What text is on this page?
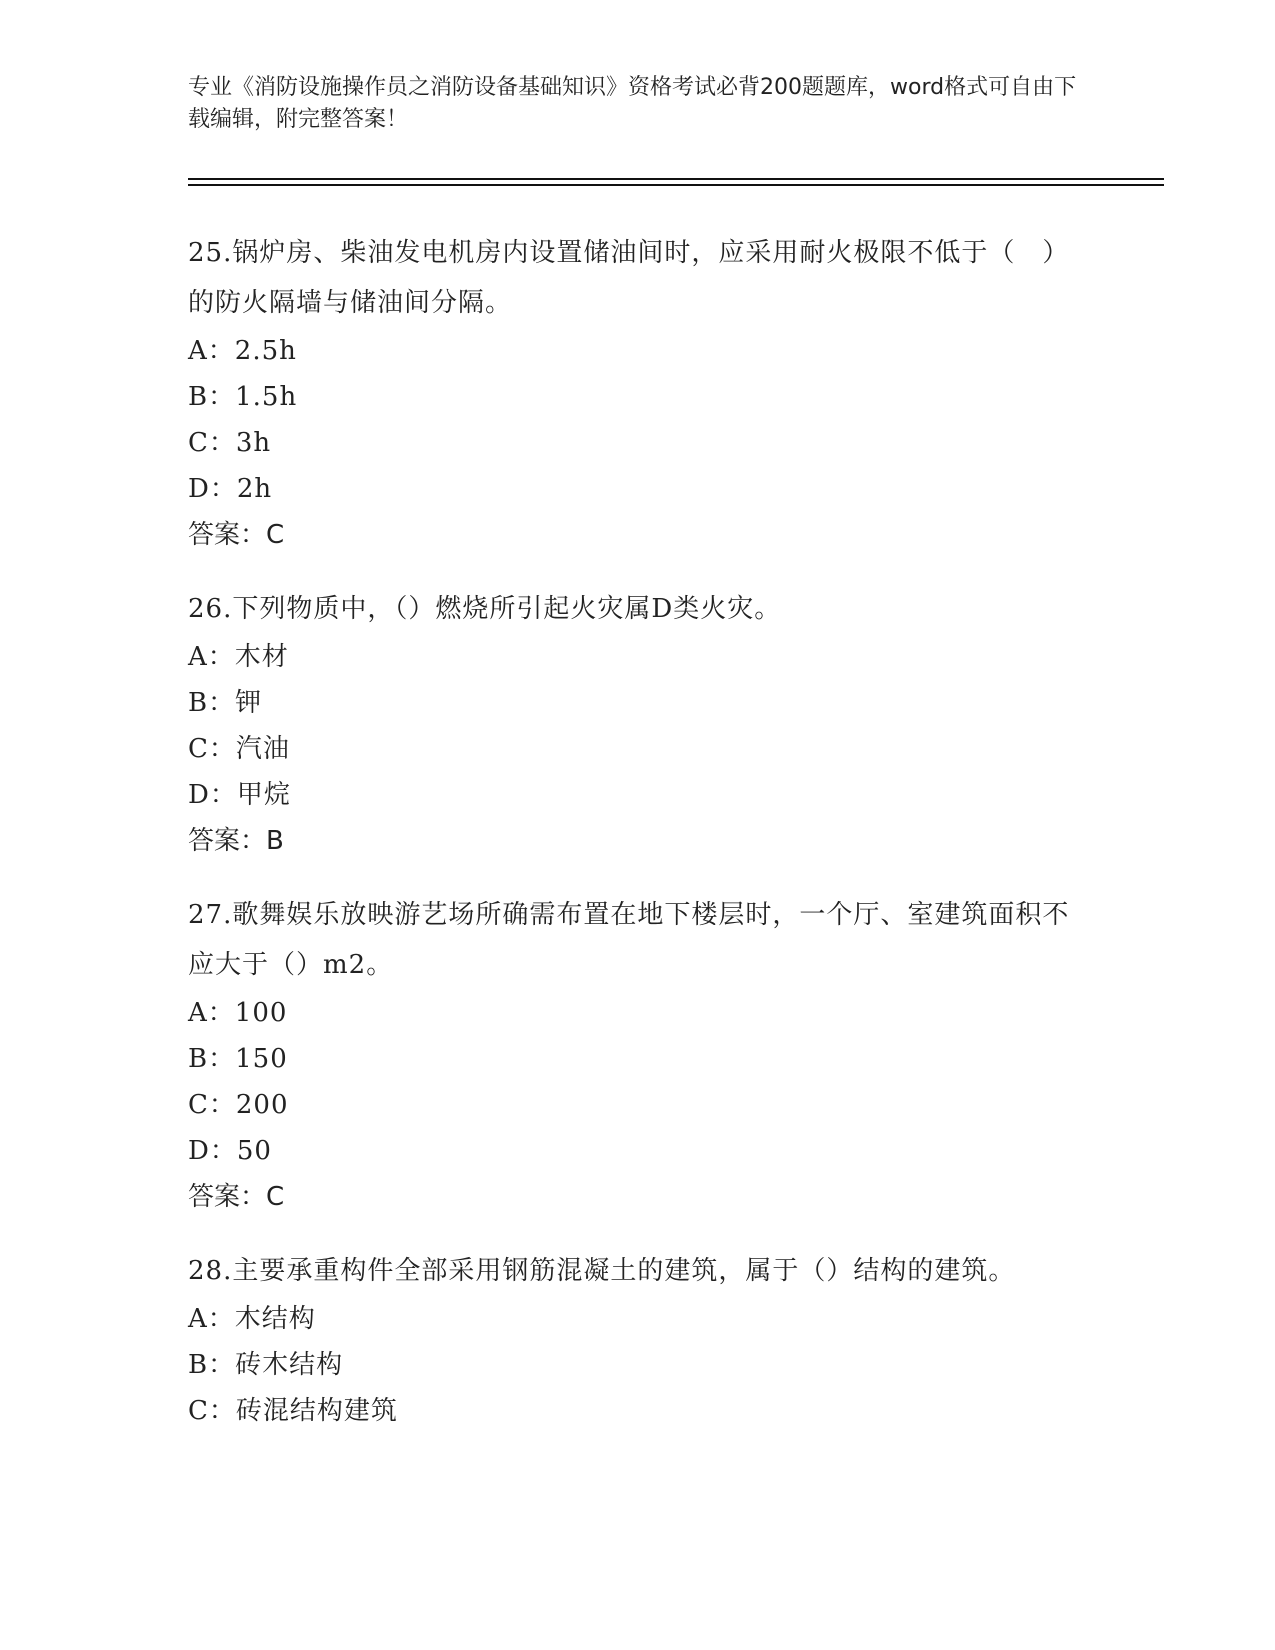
专业《消防设施操作员之消防设备基础知识》资格考试必背200题题库，word格式可自由下载编辑，附完整答案！

25.锅炉房、柴油发电机房内设置储油间时，应采用耐火极限不低于（　）的防火隔墙与储油间分隔。

A：2.5h

B：1.5h

C：3h

D：2h

答案：C

26.下列物质中，（）燃烧所引起火灾属D类火灾。

A：木材

B：钾

C：汽油

D：甲烷

答案：B

27.歌舞娱乐放映游艺场所确需布置在地下楼层时，一个厅、室建筑面积不应大于（）m2。

A：100

B：150

C：200

D：50

答案：C

28.主要承重构件全部采用钢筋混凝土的建筑，属于（）结构的建筑。

A：木结构

B：砖木结构

C：砖混结构建筑
